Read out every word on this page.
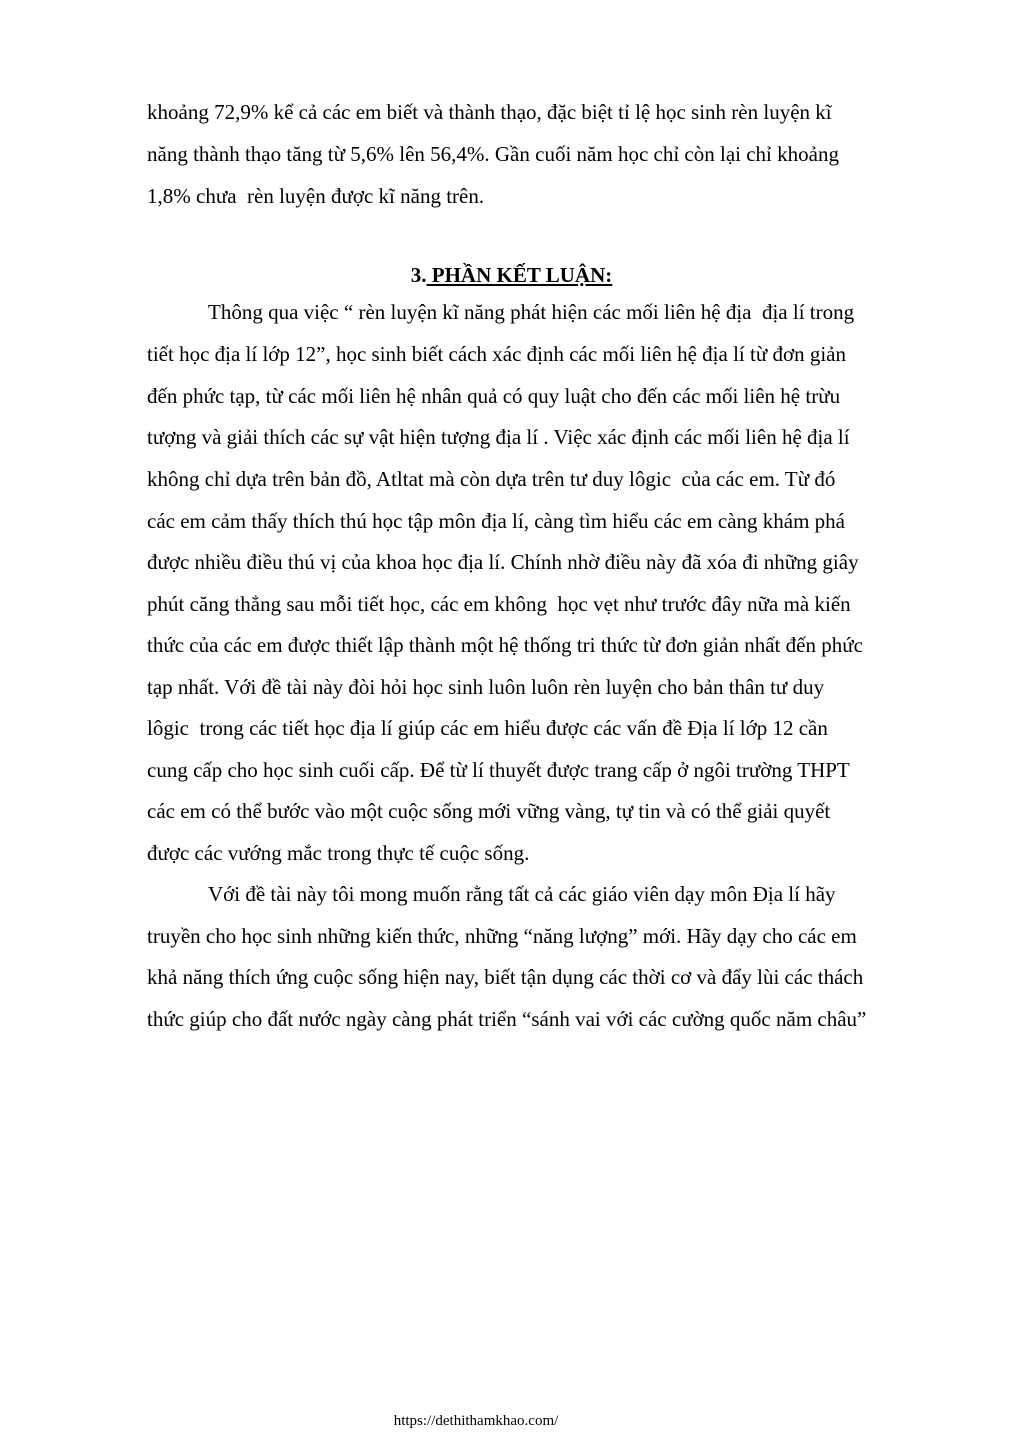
khoảng 72,9% kể cả các em biết và thành thạo, đặc biệt tỉ lệ học sinh rèn luyện kĩ
năng thành thạo tăng từ 5,6% lên 56,4%. Gần cuối năm học chỉ còn lại chỉ khoảng
1,8% chưa  rèn luyện được kĩ năng trên.
3. PHẦN KẾT LUẬN:
Thông qua việc “ rèn luyện kĩ năng phát hiện các mối liên hệ địa  địa lí trong
tiết học địa lí lớp 12”, học sinh biết cách xác định các mối liên hệ địa lí từ đơn giản
đến phức tạp, từ các mối liên hệ nhân quả có quy luật cho đến các mối liên hệ trừu
tượng và giải thích các sự vật hiện tượng địa lí . Việc xác định các mối liên hệ địa lí
không chỉ dựa trên bản đồ, Atltat mà còn dựa trên tư duy lôgic  của các em. Từ đó
các em cảm thấy thích thú học tập môn địa lí, càng tìm hiểu các em càng khám phá
được nhiều điều thú vị của khoa học địa lí. Chính nhờ điều này đã xóa đi những giây
phút căng thẳng sau mỗi tiết học, các em không  học vẹt như trước đây nữa mà kiến
thức của các em được thiết lập thành một hệ thống tri thức từ đơn giản nhất đến phức
tạp nhất. Với đề tài này đòi hỏi học sinh luôn luôn rèn luyện cho bản thân tư duy
lôgic  trong các tiết học địa lí giúp các em hiểu được các vấn đề Địa lí lớp 12 cần
cung cấp cho học sinh cuối cấp. Để từ lí thuyết được trang cấp ở ngôi trường THPT
các em có thể bước vào một cuộc sống mới vững vàng, tự tin và có thể giải quyết
được các vướng mắc trong thực tế cuộc sống.
Với đề tài này tôi mong muốn rằng tất cả các giáo viên dạy môn Địa lí hãy
truyền cho học sinh những kiến thức, những “năng lượng” mới. Hãy dạy cho các em
khả năng thích ứng cuộc sống hiện nay, biết tận dụng các thời cơ và đẩy lùi các thách
thức giúp cho đất nước ngày càng phát triển “sánh vai với các cường quốc năm châu”
https://dethithamkhao.com/
